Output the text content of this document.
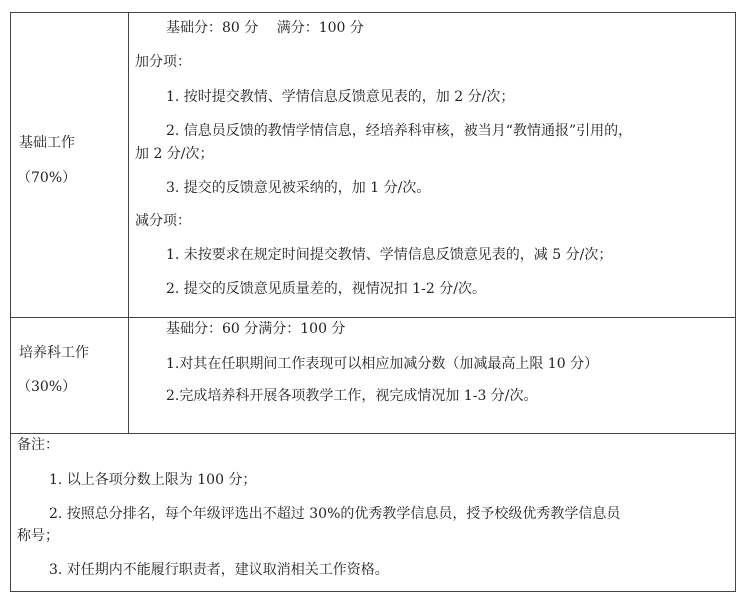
基础工作
（70%）
基础分：80 分　 满分：100 分
加分项：
1. 按时提交教情、学情信息反馈意见表的，加 2 分/次；
2. 信息员反馈的教情学情信息，经培养科审核，被当月“教情通报”引用的，
加 2 分/次；
3. 提交的反馈意见被采纳的，加 1 分/次。
减分项：
1. 未按要求在规定时间提交教情、学情信息反馈意见表的，减 5 分/次；
2. 提交的反馈意见质量差的，视情况扣 1-2 分/次。
培养科工作
（30%）
基础分：60 分满分：100 分
1.对其在任职期间工作表现可以相应加减分数（加减最高上限 10 分）
2.完成培养科开展各项教学工作，视完成情况加 1-3 分/次。
备注：
1. 以上各项分数上限为 100 分；
2. 按照总分排名，每个年级评选出不超过 30%的优秀教学信息员，授予校级优秀教学信息员
称号；
3. 对任期内不能履行职责者，建议取消相关工作资格。
